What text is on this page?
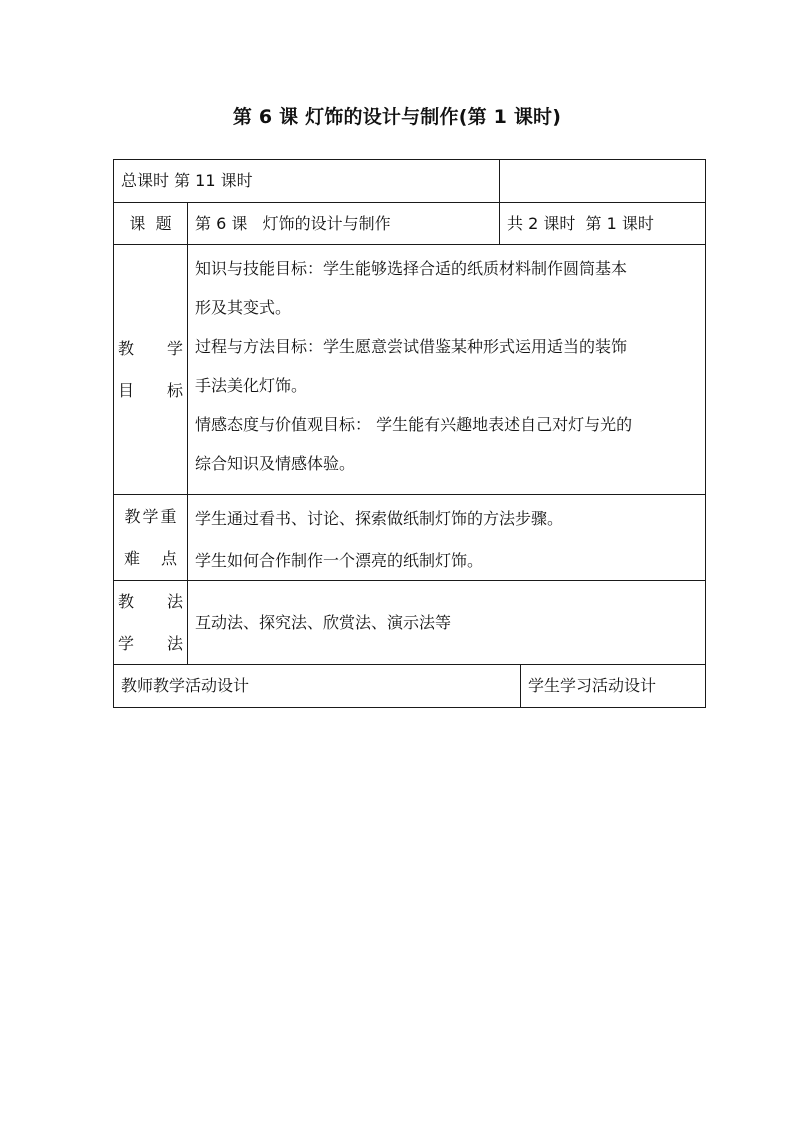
第 6 课 灯饰的设计与制作(第 1 课时)
总课时 第 11 课时
课  题 第 6 课   灯饰的设计与制作	共 2 课时  第 1 课时
教 学
目 标
知识与技能目标：学生能够选择合适的纸质材料制作圆筒基本
形及其变式。
过程与方法目标：学生愿意尝试借鉴某种形式运用适当的装饰
手法美化灯饰。
情感态度与价值观目标： 学生能有兴趣地表述自己对灯与光的
综合知识及情感体验。
教学重
难 点
学生通过看书、讨论、探索做纸制灯饰的方法步骤。
学生如何合作制作一个漂亮的纸制灯饰。
教 法
学 法
互动法、探究法、欣赏法、演示法等
教师教学活动设计	学生学习活动设计
